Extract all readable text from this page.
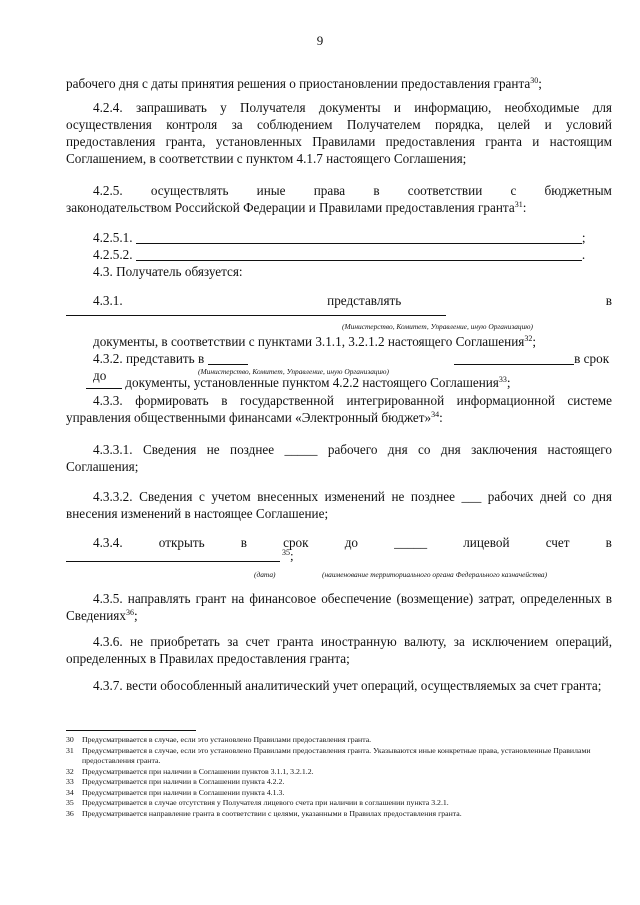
9
рабочего дня с даты принятия решения о приостановлении предоставления гранта$^{30}$;
4.2.4. запрашивать у Получателя документы и информацию, необходимые для осуществления контроля за соблюдением Получателем порядка, целей и условий предоставления гранта, установленных Правилами предоставления гранта и настоящим Соглашением, в соответствии с пунктом 4.1.7 настоящего Соглашения;
4.2.5. осуществлять иные права в соответствии с бюджетным
законодательством Российской Федерации и Правилами предоставления гранта$^{31}$:
4.2.5.1.	;
4.2.5.2.	.
4.3. Получатель обязуется:
4.3.1.	представлять	в
(Министерство, Комитет, Управление, иную Организацию)
документы, в соответствии с пунктами 3.1.1, 3.2.1.2 настоящего Соглашения$^{32}$;
4.3.2. представить в	в срок до	(Министерство, Комитет, Управление, иную Организацию)
документы, установленные пунктом 4.2.2 настоящего Соглашения$^{33}$;
4.3.3. формировать в государственной интегрированной информационной системе управления общественными финансами «Электронный бюджет»$^{34}$:
4.3.3.1. Сведения не позднее _____ рабочего дня со дня заключения настоящего Соглашения;
4.3.3.2. Сведения с учетом внесенных изменений не позднее ___ рабочих дней со дня внесения изменений в настоящее Соглашение;
4.3.4.	открыть	в	срок	до	_____	лицевой	счет	в
$^{35}$;
(дата)	(наименование территориального органа Федерального казначейства)
4.3.5. направлять грант на финансовое обеспечение (возмещение) затрат, определенных в Сведениях$^{36}$;
4.3.6. не приобретать за счет гранта иностранную валюту, за исключением операций, определенных в Правилах предоставления гранта;
4.3.7. вести обособленный аналитический учет операций, осуществляемых за счет гранта;
30	Предусматривается в случае, если это установлено Правилами предоставления гранта.
31	Предусматривается в случае, если это установлено Правилами предоставления гранта. Указываются иные конкретные права, установленные Правилами предоставления гранта.
32	Предусматривается при наличии в Соглашении пунктов 3.1.1, 3.2.1.2.
33	Предусматривается при наличии в Соглашении пункта 4.2.2.
34	Предусматривается при наличии в Соглашении пункта 4.1.3.
35	Предусматривается в случае отсутствия у Получателя лицевого счета при наличии в соглашении пункта 3.2.1.
36	Предусматривается направление гранта в соответствии с целями, указанными в Правилах предоставления гранта.
